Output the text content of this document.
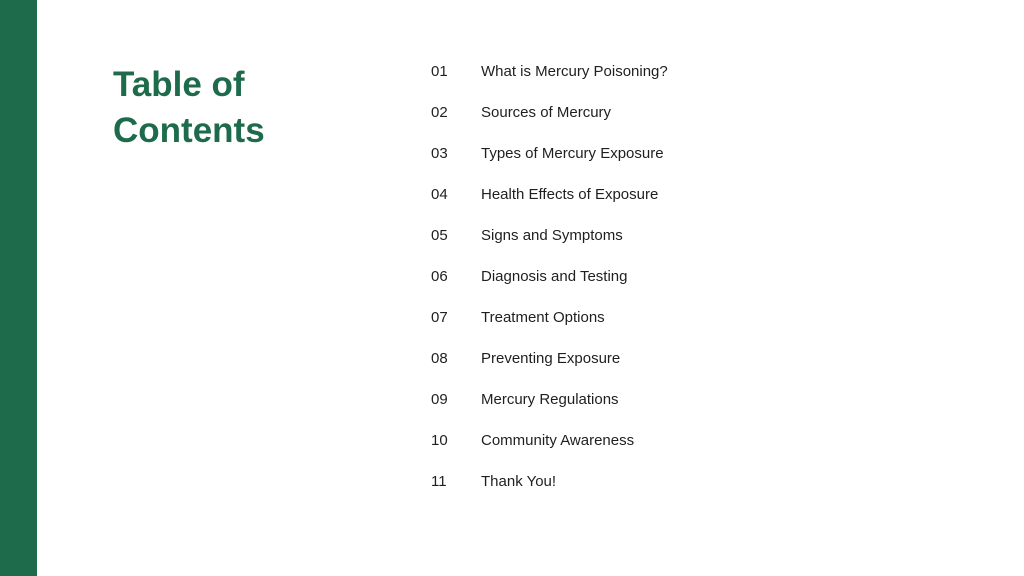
Table of
Contents
01	What is Mercury Poisoning?
02	Sources of Mercury
03	Types of Mercury Exposure
04	Health Effects of Exposure
05	Signs and Symptoms
06	Diagnosis and Testing
07	Treatment Options
08	Preventing Exposure
09	Mercury Regulations
10	Community Awareness
11	Thank You!
